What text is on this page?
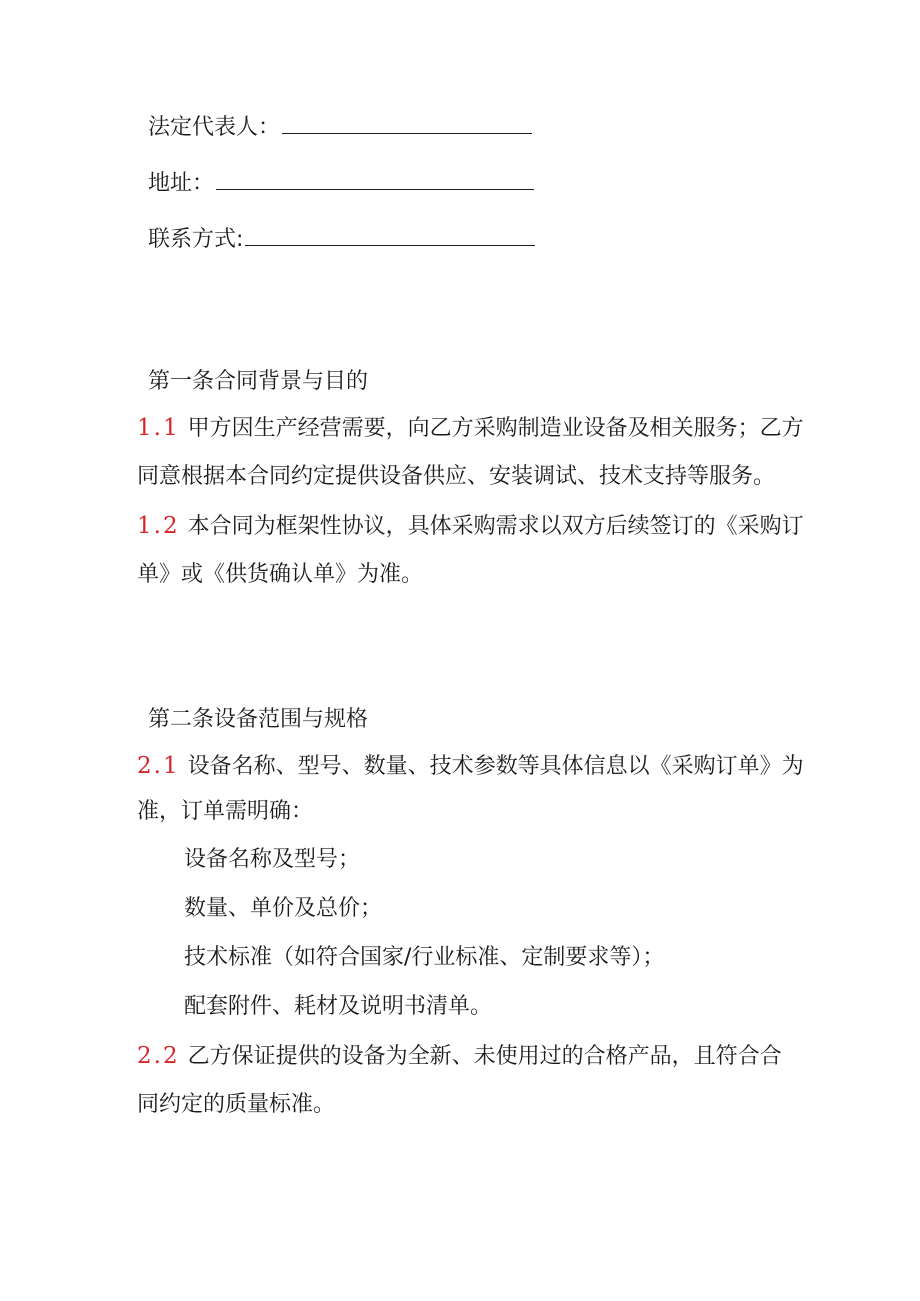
法定代表人：
地址：
联系方式:
第一条合同背景与目的
1.1 甲方因生产经营需要，向乙方采购制造业设备及相关服务；乙方
同意根据本合同约定提供设备供应、安装调试、技术支持等服务。
1.2 本合同为框架性协议，具体采购需求以双方后续签订的《采购订
单》或《供货确认单》为准。
第二条设备范围与规格
2.1 设备名称、型号、数量、技术参数等具体信息以《采购订单》为
准，订单需明确：
设备名称及型号；
数量、单价及总价；
技术标准（如符合国家/行业标准、定制要求等）；
配套附件、耗材及说明书清单。
2.2 乙方保证提供的设备为全新、未使用过的合格产品，且符合合
同约定的质量标准。
